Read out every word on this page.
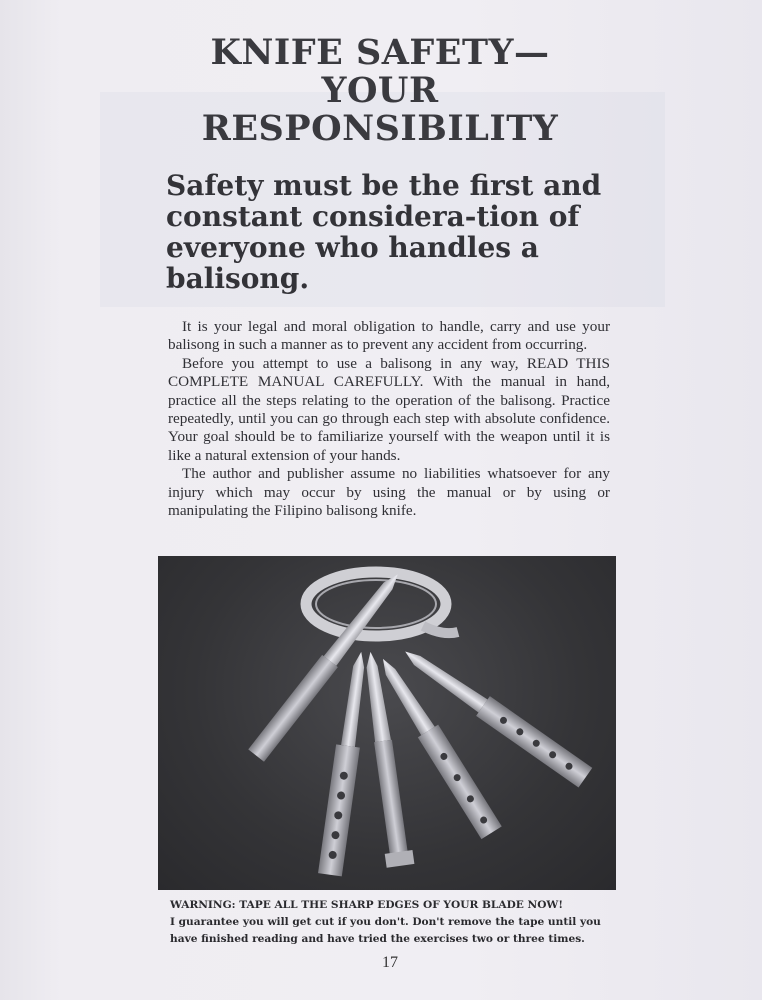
KNIFE SAFETY—
YOUR
RESPONSIBILITY
Safety must be the first and constant considera-tion of everyone who handles a balisong.

It is your legal and moral obligation to handle, carry and use your balisong in such a manner as to prevent any accident from occurring.

Before you attempt to use a balisong in any way, READ THIS COMPLETE MANUAL CAREFULLY. With the manual in hand, practice all the steps relating to the operation of the balisong. Practice repeatedly, until you can go through each step with absolute confidence. Your goal should be to familiarize yourself with the weapon until it is like a natural extension of your hands.

The author and publisher assume no liabilities whatsoever for any injury which may occur by using the manual or by using or manipulating the Filipino balisong knife.

WARNING: TAPE ALL THE SHARP EDGES OF YOUR BLADE NOW!

I guarantee you will get cut if you don't. Don't remove the tape until you have finished reading and have tried the exercises two or three times.

17
